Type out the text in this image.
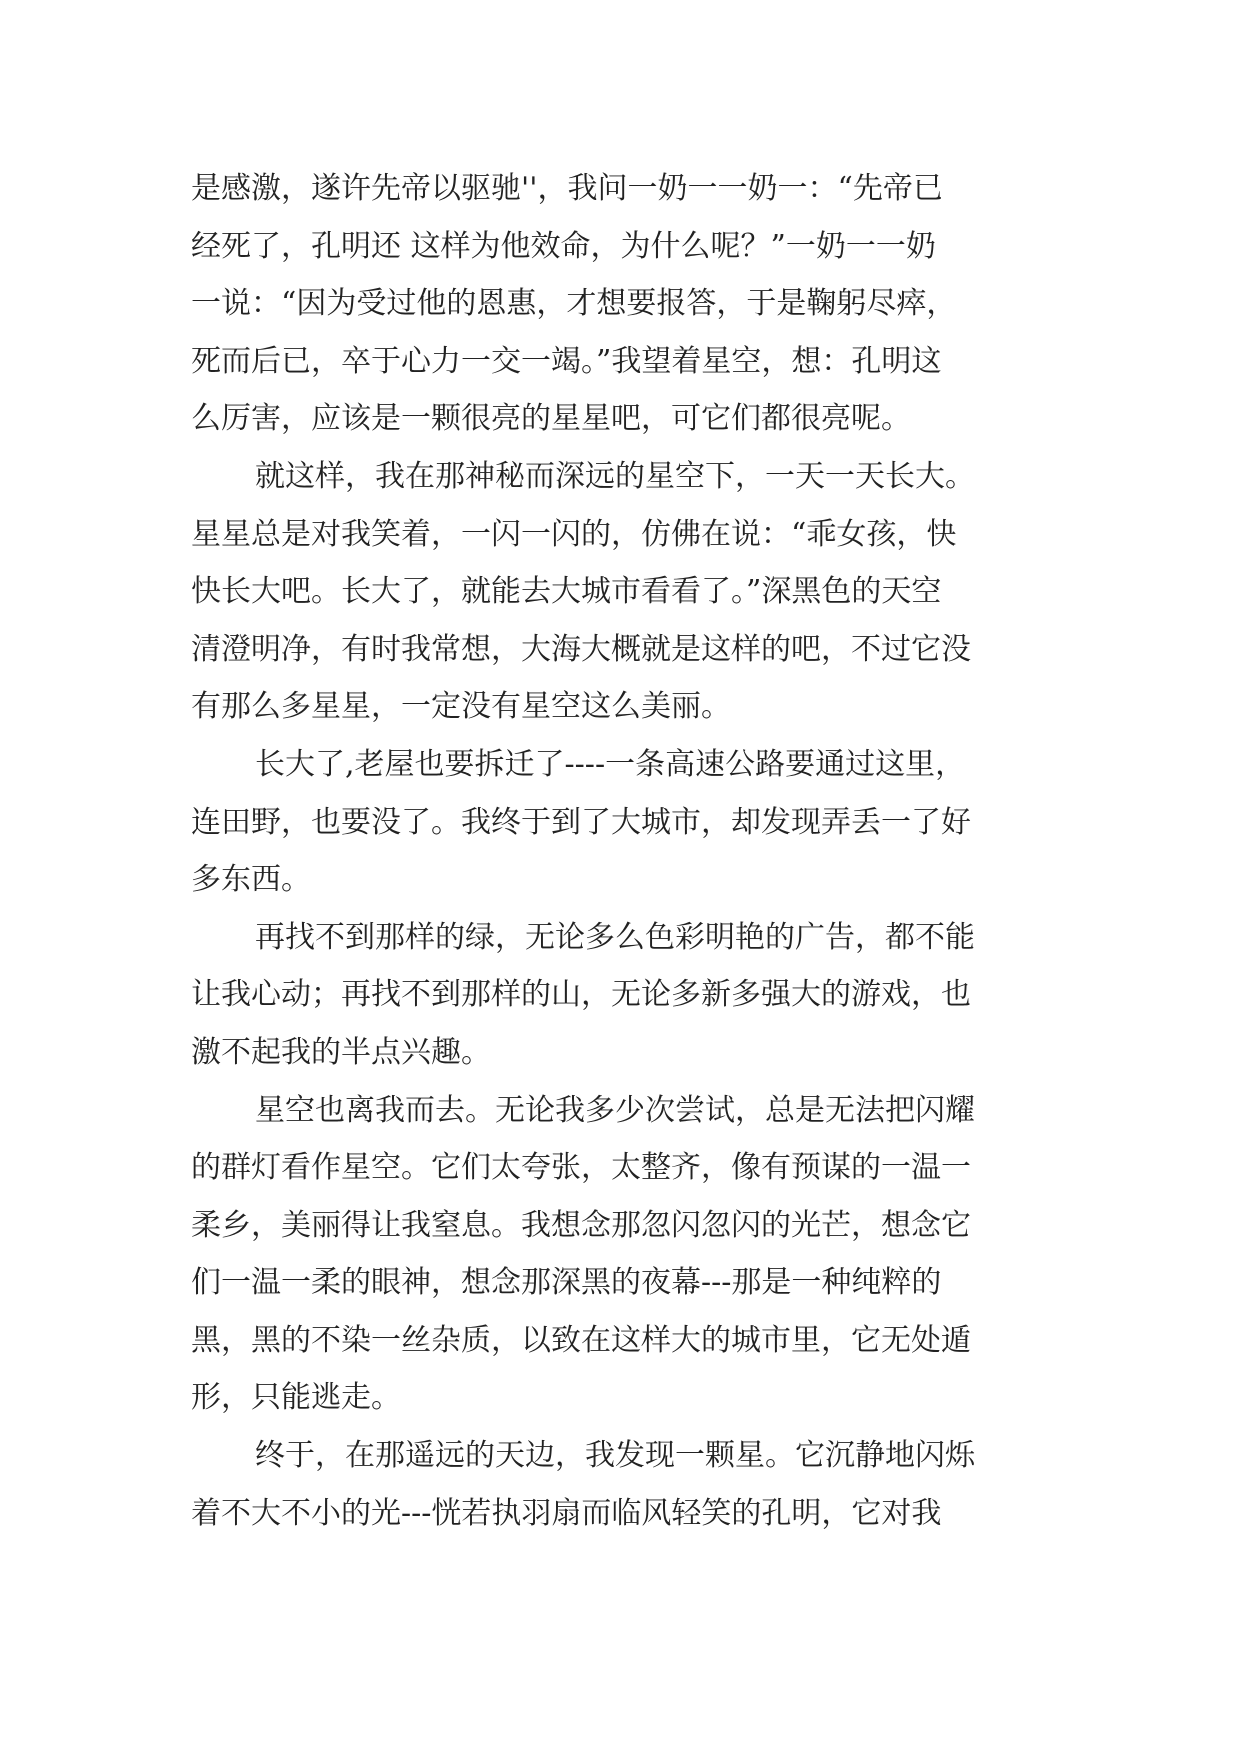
是感激，遂许先帝以驱驰''，我问一奶一一奶一：“先帝已
经死了，孔明还 这样为他效命，为什么呢？”一奶一一奶
一说：“因为受过他的恩惠，才想要报答，于是鞠躬尽瘁，
死而后已，卒于心力一交一竭。”我望着星空，想：孔明这
么厉害，应该是一颗很亮的星星吧，可它们都很亮呢。
就这样，我在那神秘而深远的星空下，一天一天长大。
星星总是对我笑着，一闪一闪的，仿佛在说：“乖女孩，快
快长大吧。长大了，就能去大城市看看了。”深黑色的天空
清澄明净，有时我常想，大海大概就是这样的吧，不过它没
有那么多星星，一定没有星空这么美丽。
长大了,老屋也要拆迁了----一条高速公路要通过这里，
连田野，也要没了。我终于到了大城市，却发现弄丢一了好
多东西。
再找不到那样的绿，无论多么色彩明艳的广告，都不能
让我心动；再找不到那样的山，无论多新多强大的游戏，也
激不起我的半点兴趣。
星空也离我而去。无论我多少次尝试，总是无法把闪耀
的群灯看作星空。它们太夸张，太整齐，像有预谋的一温一
柔乡，美丽得让我窒息。我想念那忽闪忽闪的光芒，想念它
们一温一柔的眼神，想念那深黑的夜幕---那是一种纯粹的
黑，黑的不染一丝杂质，以致在这样大的城市里，它无处遁
形，只能逃走。
终于，在那遥远的天边，我发现一颗星。它沉静地闪烁
着不大不小的光---恍若执羽扇而临风轻笑的孔明，它对我
